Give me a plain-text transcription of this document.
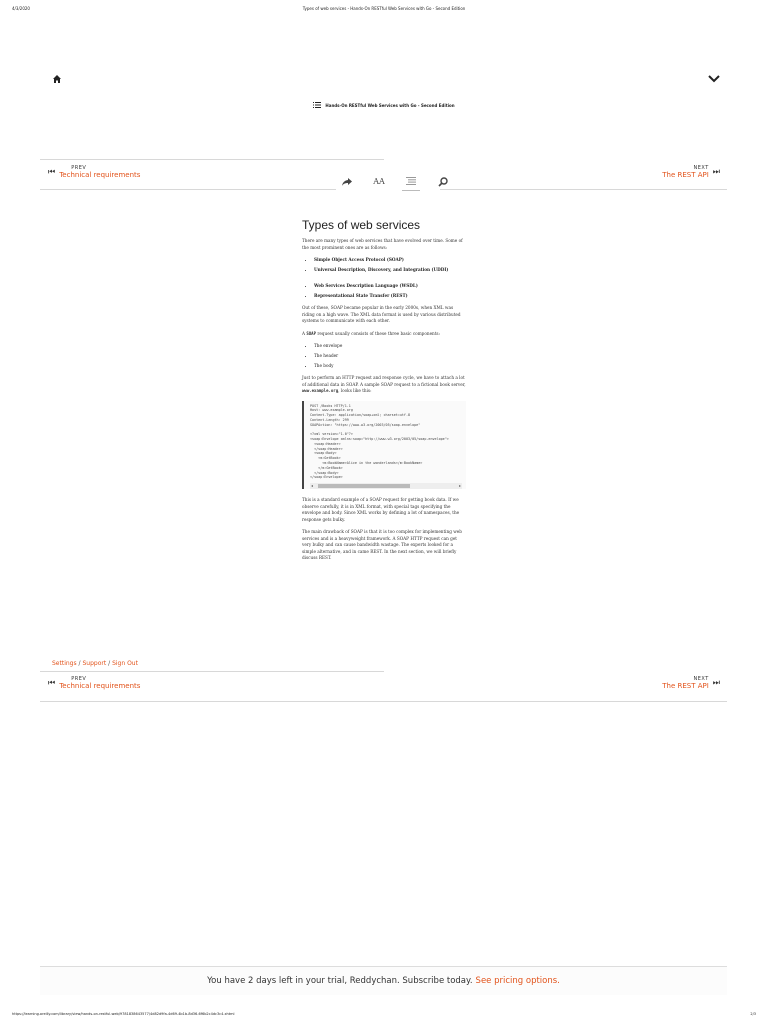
4/3/2020	Types of web services - Hands-On RESTful Web Services with Go - Second Edition
Hands-On RESTful Web Services with Go - Second Edition
⏮	PREV
Technical requirements
NEXT
The REST API ⏭
AA
Types of web services

There are many types of web services that have evolved over time. Some of the most prominent ones are as follows:

• Simple Object Access Protocol (SOAP)
• Universal Description, Discovery, and Integration (UDDI)
• Web Services Description Language (WSDL)
• Representational State Transfer (REST)

Out of these, SOAP became popular in the early 2000s, when XML was riding on a high wave. The XML data format is used by various distributed systems to communicate with each other.

A SOAP request usually consists of these three basic components:

• The envelope
• The header
• The body

Just to perform an HTTP request and response cycle, we have to attach a lot of additional data in SOAP. A sample SOAP request to a fictional book server, www.example.org, looks like this:

POST /Books HTTP/1.1
Host: www.example.org
Content-Type: application/soap+xml; charset=utf-8
Content-Length: 299
SOAPAction: "https://www.w3.org/2003/05/soap-envelope"

<?xml version="1.0"?>
<soap:Envelope xmlns:soap="http://www.w3.org/2003/05/soap-envelope">
<soap:Header>
</soap:Header>
<soap:Body>
<m:GetBook>
<m:BookName>Alice in the wonderlands</m:BookName>
</m:GetBook>
</soap:Body>
</soap:Envelope>
◂	▸

This is a standard example of a SOAP request for getting book data. If we observe carefully, it is in XML format, with special tags specifying the envelope and body. Since XML works by defining a lot of namespaces, the response gets bulky.

The main drawback of SOAP is that it is too complex for implementing web services and is a heavyweight framework. A SOAP HTTP request can get very bulky and can cause bandwidth wastage. The experts looked for a simple alternative, and in came REST. In the next section, we will briefly discuss REST.

Settings / Support / Sign Out
⏮	PREV
Technical requirements
NEXT
The REST API ⏭
You have 2 days left in your trial, Reddychan. Subscribe today. See pricing options.
https://learning.oreilly.com/library/view/hands-on-restful-web/9781838643577/4d82d9fa-4d69-4b1b-8d36-6f6b2c4dc3c4.xhtml	2/3
